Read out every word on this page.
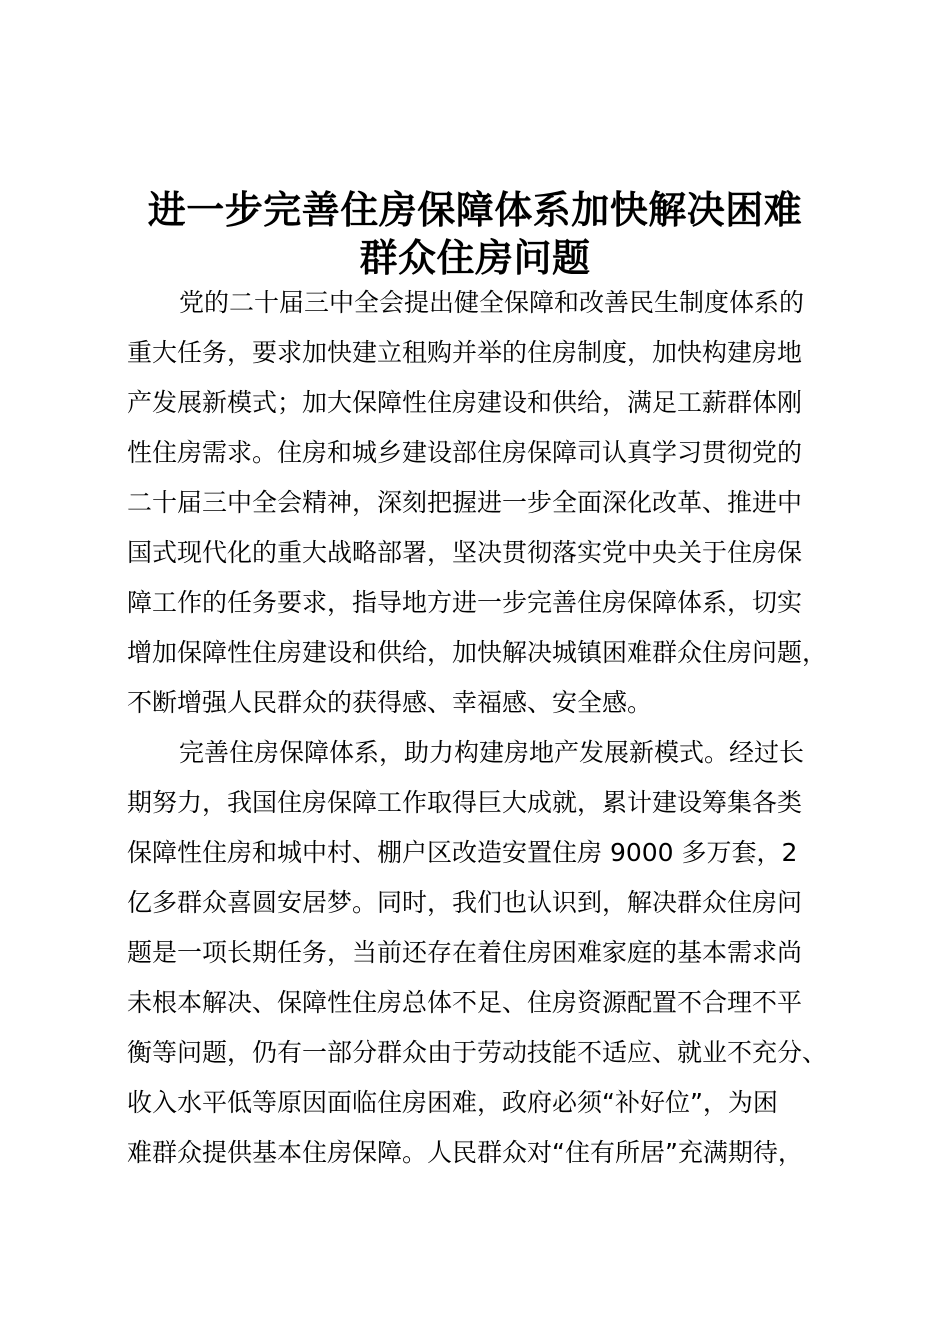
进一步完善住房保障体系加快解决困难
群众住房问题
党的二十届三中全会提出健全保障和改善民生制度体系的
重大任务，要求加快建立租购并举的住房制度，加快构建房地
产发展新模式；加大保障性住房建设和供给，满足工薪群体刚
性住房需求。住房和城乡建设部住房保障司认真学习贯彻党的
二十届三中全会精神，深刻把握进一步全面深化改革、推进中
国式现代化的重大战略部署，坚决贯彻落实党中央关于住房保
障工作的任务要求，指导地方进一步完善住房保障体系，切实
增加保障性住房建设和供给，加快解决城镇困难群众住房问题，
不断增强人民群众的获得感、幸福感、安全感。
完善住房保障体系，助力构建房地产发展新模式。经过长
期努力，我国住房保障工作取得巨大成就，累计建设筹集各类
保障性住房和城中村、棚户区改造安置住房 9000 多万套，2
亿多群众喜圆安居梦。同时，我们也认识到，解决群众住房问
题是一项长期任务，当前还存在着住房困难家庭的基本需求尚
未根本解决、保障性住房总体不足、住房资源配置不合理不平
衡等问题，仍有一部分群众由于劳动技能不适应、就业不充分、
收入水平低等原因面临住房困难，政府必须“补好位”，为困
难群众提供基本住房保障。人民群众对“住有所居”充满期待，
